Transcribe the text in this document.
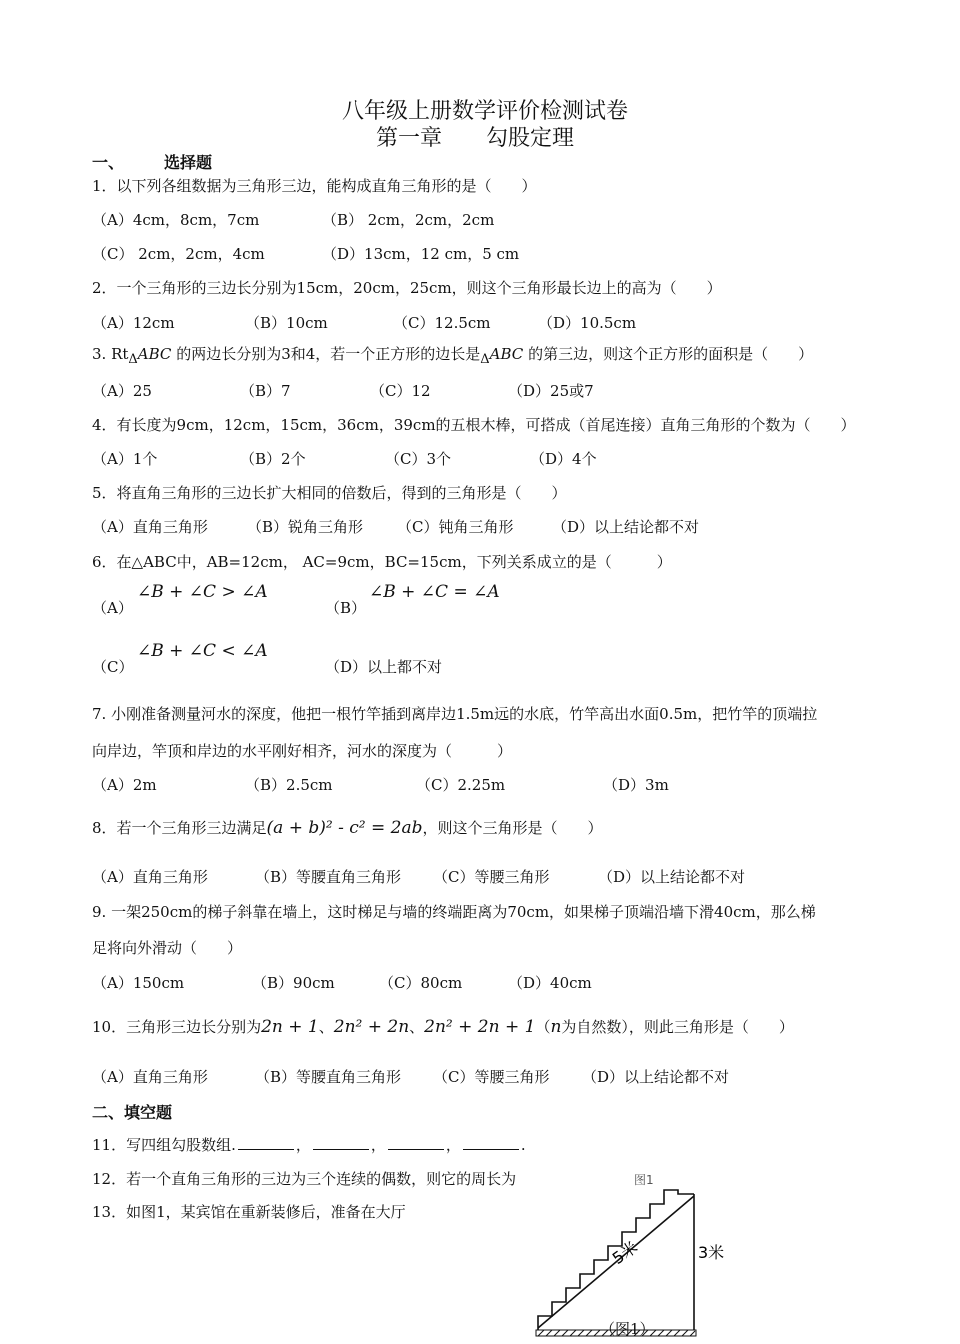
八年级上册数学评价检测试卷
第一章 勾股定理
一、	选择题
1．以下列各组数据为三角形三边，能构成直角三角形的是（　　）
（A）4cm，8cm，7cm	（B） 2cm，2cm，2cm
（C） 2cm，2cm，4cm	（D）13cm，12 cm，5 cm
2．一个三角形的三边长分别为15cm，20cm，25cm，则这个三角形最长边上的高为（　　）
（A）12cm	（B）10cm	（C）12.5cm	（D）10.5cm
3. RtΔABC 的两边长分别为3和4，若一个正方形的边长是ΔABC 的第三边，则这个正方形的面积是（　　）
（A）25	（B）7	（C）12	（D）25或7
4．有长度为9cm，12cm，15cm，36cm，39cm的五根木棒，可搭成（首尾连接）直角三角形的个数为（　　）
（A）1个	（B）2个	（C）3个	（D）4个
5．将直角三角形的三边长扩大相同的倍数后，得到的三角形是（　　）
（A）直角三角形	（B）锐角三角形 （C）钝角三角形	（D）以上结论都不对
6．在△ABC中，AB=12cm， AC=9cm，BC=15cm，下列关系成立的是（　　　）
（A）
∠B + ∠C > ∠A
（B）
∠B + ∠C = ∠A
（C）
∠B + ∠C < ∠A
（D）以上都不对
7. 小刚准备测量河水的深度，他把一根竹竿插到离岸边1.5m远的水底，竹竿高出水面0.5m，把竹竿的顶端拉
向岸边，竿顶和岸边的水平刚好相齐，河水的深度为（　　　）
（A）2m	（B）2.5cm	（C）2.25m	（D）3m
8．若一个三角形三边满足(a + b)² - c² = 2ab，则这个三角形是（　　）
（A）直角三角形	（B）等腰直角三角形 （C）等腰三角形	（D）以上结论都不对
9. 一架250cm的梯子斜靠在墙上，这时梯足与墙的终端距离为70cm，如果梯子顶端沿墙下滑40cm，那么梯
足将向外滑动（　　）
（A）150cm	（B）90cm	（C）80cm	（D）40cm
10．三角形三边长分别为2n + 1、2n² + 2n、2n² + 2n + 1（n为自然数），则此三角形是（　　）
（A）直角三角形	（B）等腰直角三角形 （C）等腰三角形 （D）以上结论都不对
二、填空题
11．写四组勾股数组.	，	，	，	.
12．若一个直角三角形的三边为三个连续的偶数，则它的周长为
13．如图1，某宾馆在重新装修后，准备在大厅
图1
5米	3米
（图1）
